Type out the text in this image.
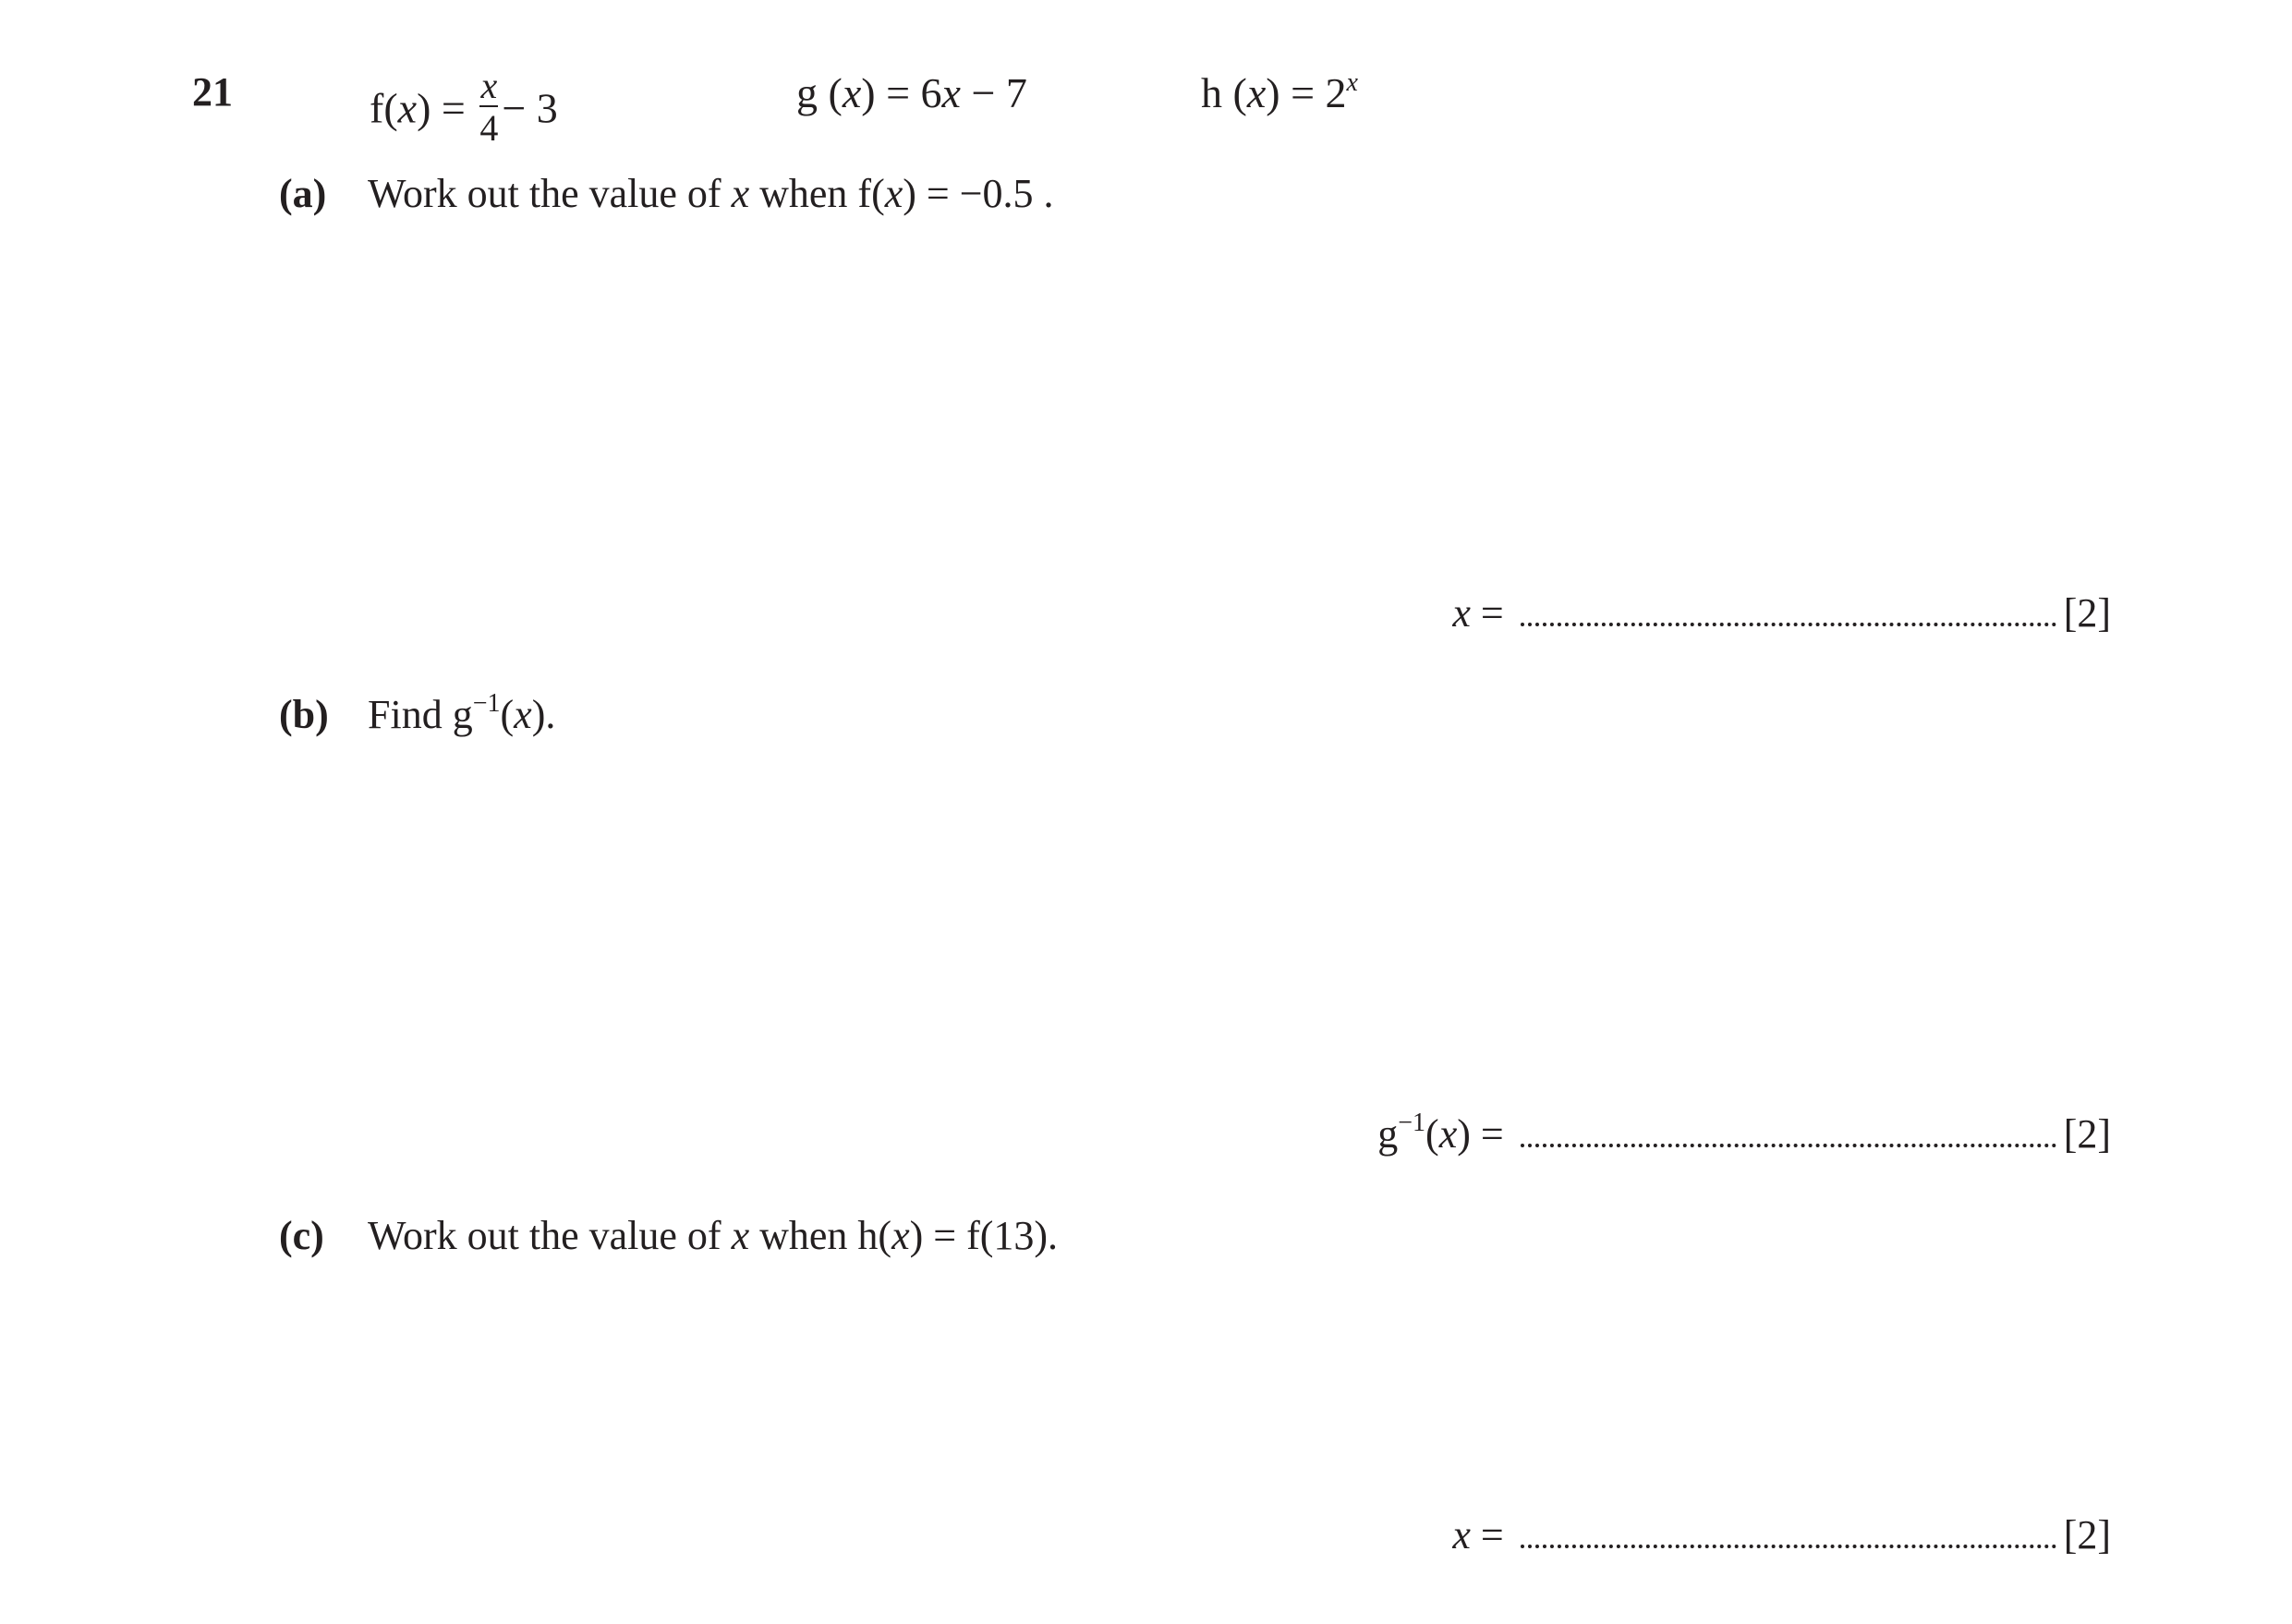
21	$f(x) = \frac{x}{4} - 3$	g (x) = 6x − 7	h $(x) = 2^x$
(a) Work out the value of x when f(x) = −0.5 .
x =	[2]
(b) Find $g^{-1}(x)$.
$g^{-1}(x)$ =	[2]
(c) Work out the value of x when h(x) = f(13).
x =	[2]
